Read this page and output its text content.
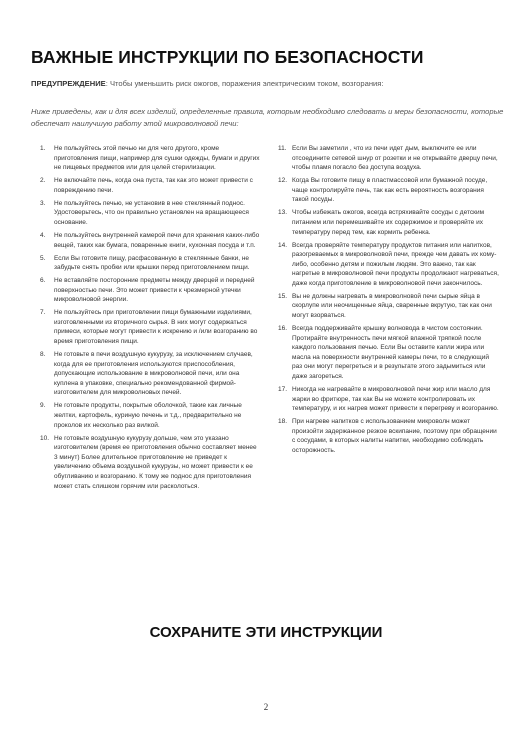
ВАЖНЫЕ ИНСТРУКЦИИ ПО БЕЗОПАСНОСТИ
ПРЕДУПРЕЖДЕНИЕ: Чтобы уменьшить риск ожогов, поражения электрическим током, возгорания:
Ниже приведены, как и для всех изделий, определенные правила, которым необходимо следовать и меры безопасности, которые обеспечат наилучшую работу этой микроволновой печи:
1. Не пользуйтесь этой печью ни для чего другого, кроме приготовления пищи, например для сушки одежды, бумаги и других не пищевых предметов или для целей стерилизации.
2. Не включайте печь, когда она пуста, так как это может привести с повреждению печи.
3. Не пользуйтесь печью, не установив в нее стеклянный поднос. Удостоверьтесь, что он правильно установлен на вращающееся основание.
4. Не пользуйтесь внутренней камерой печи для хранения каких-либо вещей, таких как бумага, поваренные книги, кухонная посуда и т.п.
5. Если Вы готовите пищу, расфасованную в стеклянные банки, не забудьте снять пробки или крышки перед приготовлением пищи.
6. Не вставляйте посторонние предметы между дверцей и передней поверхностью печи. Это может привести к чрезмерной утечки микроволновой энергии.
7. Не пользуйтесь при приготовлении пищи бумажными изделиями, изготовленными из вторичного сырья. В них могут содержаться примеси, которые могут привести к искрению и /или возгоранию во время приготовления пищи.
8. Не готовьте в печи воздушную кукурузу, за исключением случаев, когда для ее приготовления используются приспособления, допускающие использование в микроволновой печи, или она куплена в упаковке, специально рекомендованной фирмой-изготовителем для микроволновых печей.
9. Не готовьте продукты, покрытые оболочкой, такие как личные желтки, картофель, куриную печень и т.д., предварительно не проколов их несколько раз вилкой.
10. Не готовьте воздушную кукурузу дольше, чем это указано изготовителем (время ее приготовления обычно составляет менее 3 минут) Более длительное приготовление не приведет к увеличению объема воздушной кукурузы, но может привести к ее обугливанию и возгоранию. К тому же поднос для приготовления может стать слишком горячим или расколоться.
11. Если Вы заметили , что из печи идет дым, выключите ее или отсоедините сетевой шнур от розетки и не открывайте дверцу печи, чтобы пламя погасло без доступа воздуха.
12. Когда Вы готовите пищу в пластмассовой или бумажной посуде, чаще контролируйте печь, так как есть вероятность возгорания такой посуды.
13. Чтобы избежать ожогов, всегда встряхивайте сосуды с детским питанием или перемешивайте их содержимое и проверяйте их температуру перед тем, как кормить ребенка.
14. Всегда проверяйте температуру продуктов питания или напитков, разогреваемых в микроволновой печи, прежде чем давать их кому-либо, особенно детям и пожилым людям. Это важно, так как нагретые в микроволновой печи продукты продолжают нагреваться, даже когда приготовление в микроволновой печи закончилось.
15. Вы не должны нагревать в микроволновой печи сырые яйца в скорлупе или неочищенные яйца, сваренные вкрутую, так как они могут взорваться.
16. Всегда поддерживайте крышку волновода в чистом состоянии. Протирайте внутренность печи мягкой влажной тряпкой после каждого пользования печью. Если Вы оставите капли жира или масла на поверхности внутренней камеры печи, то в следующий раз они могут перегреться и в результате этого задымиться или даже загореться.
17. Никогда не нагревайте в микроволновой печи жир или масло для жарки во фритюре, так как Вы не можете контролировать их температуру, и их нагрев может привести к перегреву и возгоранию.
18. При нагреве напитков с использованием микроволн может произойти задержанное резкое вскипание, поэтому при обращении с сосудами, в которых налиты напитки, необходимо соблюдать осторожность.
СОХРАНИТЕ ЭТИ ИНСТРУКЦИИ
2
